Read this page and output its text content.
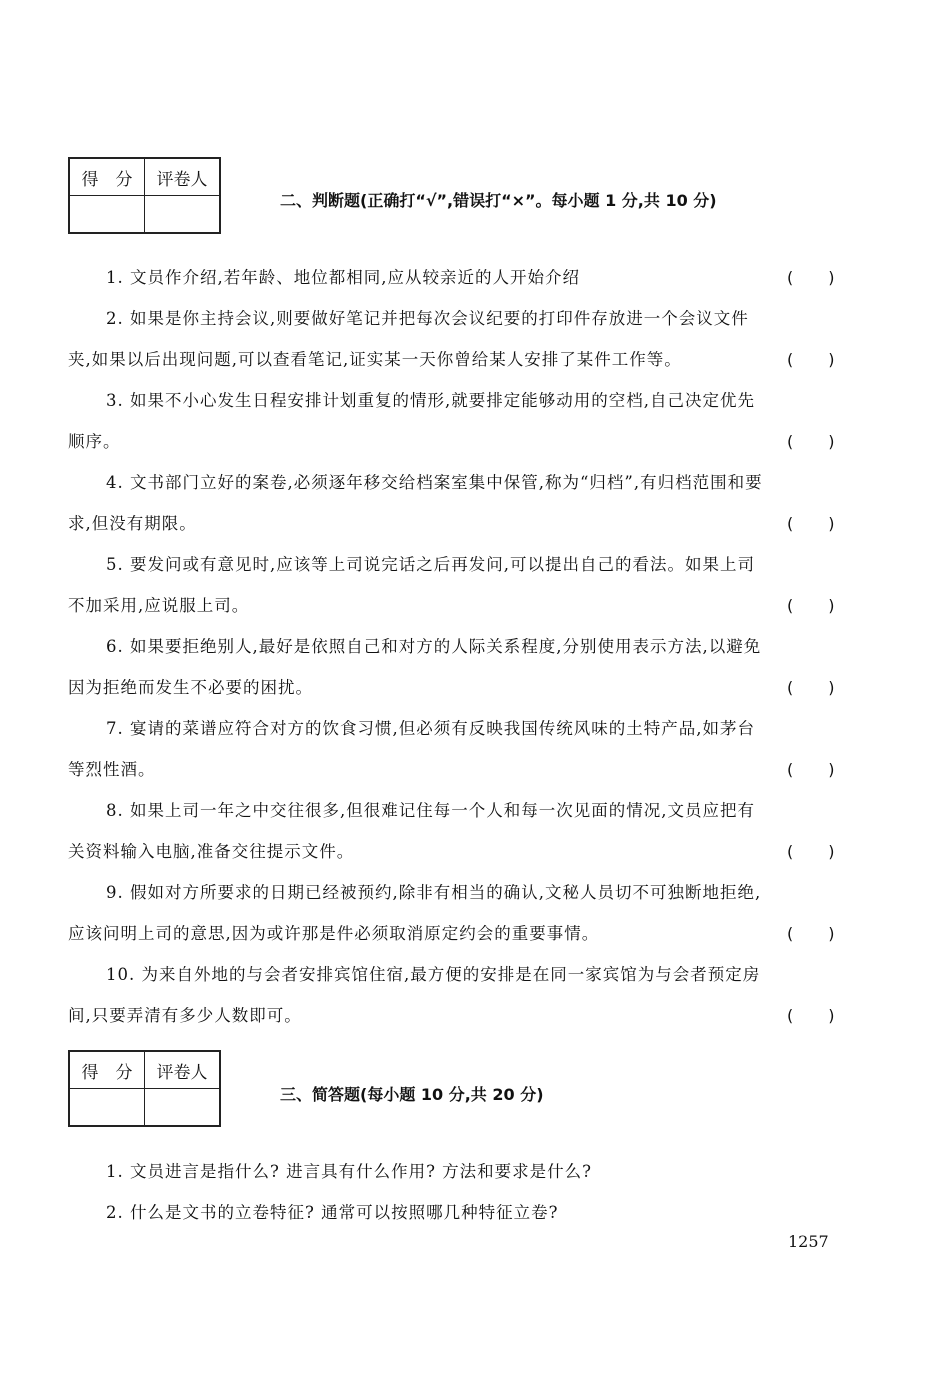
得　分	评卷人

二、判断题(正确打“√”,错误打“×”。每小题 1 分,共 10 分)
1. 文员作介绍,若年龄、地位都相同,应从较亲近的人开始介绍	(　　)
2. 如果是你主持会议,则要做好笔记并把每次会议纪要的打印件存放进一个会议文件
夹,如果以后出现问题,可以查看笔记,证实某一天你曾给某人安排了某件工作等。	(　　)
3. 如果不小心发生日程安排计划重复的情形,就要排定能够动用的空档,自己决定优先
顺序。	(　　)
4. 文书部门立好的案卷,必须逐年移交给档案室集中保管,称为“归档”,有归档范围和要
求,但没有期限。	(　　)
5. 要发问或有意见时,应该等上司说完话之后再发问,可以提出自己的看法。如果上司
不加采用,应说服上司。	(　　)
6. 如果要拒绝别人,最好是依照自己和对方的人际关系程度,分别使用表示方法,以避免
因为拒绝而发生不必要的困扰。	(　　)
7. 宴请的菜谱应符合对方的饮食习惯,但必须有反映我国传统风味的土特产品,如茅台
等烈性酒。	(　　)
8. 如果上司一年之中交往很多,但很难记住每一个人和每一次见面的情况,文员应把有
关资料输入电脑,准备交往提示文件。	(　　)
9. 假如对方所要求的日期已经被预约,除非有相当的确认,文秘人员切不可独断地拒绝,
应该问明上司的意思,因为或许那是件必须取消原定约会的重要事情。	(　　)
10. 为来自外地的与会者安排宾馆住宿,最方便的安排是在同一家宾馆为与会者预定房
间,只要弄清有多少人数即可。	(　　)
得　分	评卷人

三、简答题(每小题 10 分,共 20 分)
1. 文员进言是指什么? 进言具有什么作用? 方法和要求是什么?
2. 什么是文书的立卷特征? 通常可以按照哪几种特征立卷?
1257
